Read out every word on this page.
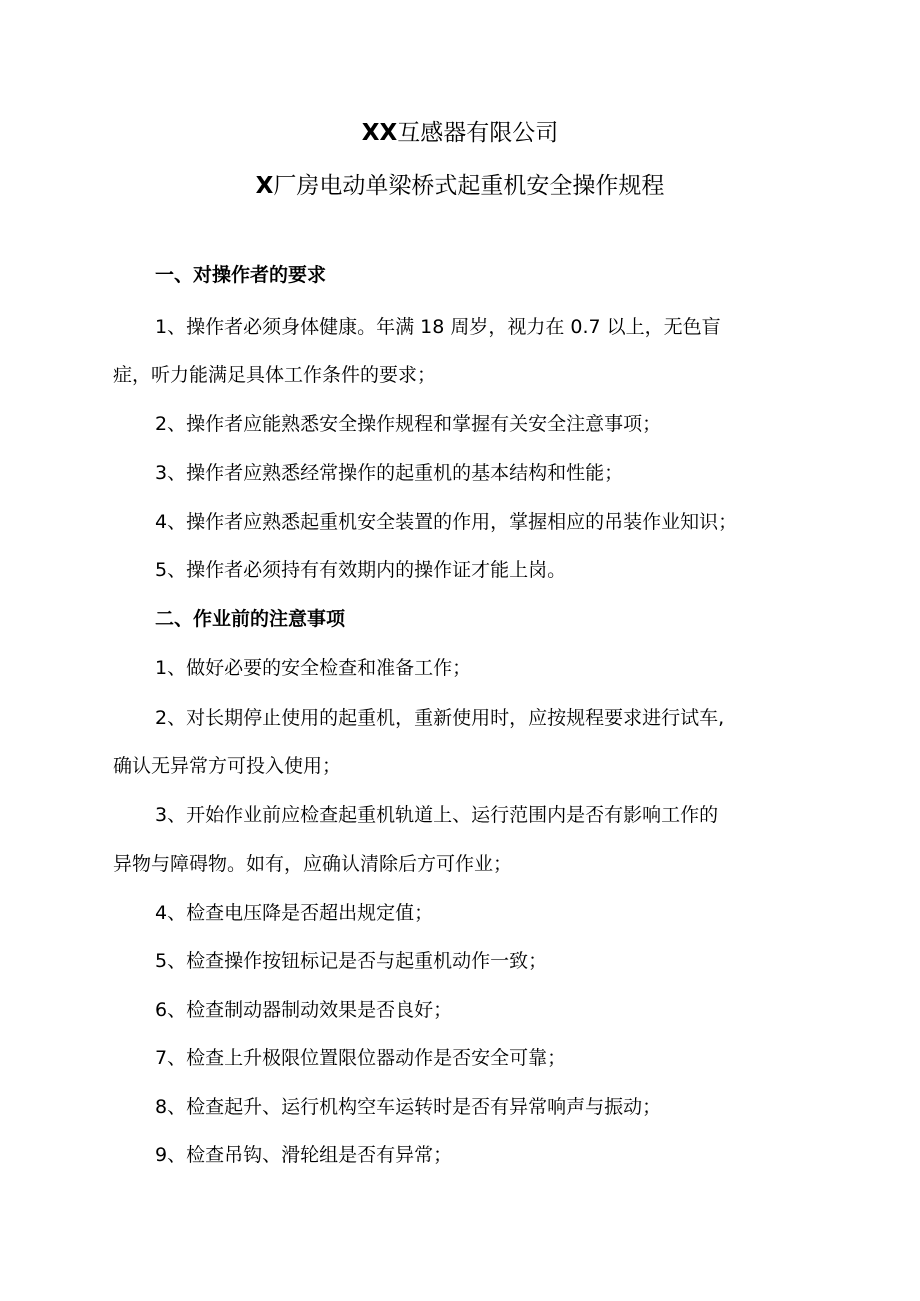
XX互感器有限公司
X厂房电动单梁桥式起重机安全操作规程
一、对操作者的要求
1、操作者必须身体健康。年满 18 周岁，视力在 0.7 以上，无色盲
症，听力能满足具体工作条件的要求；
2、操作者应能熟悉安全操作规程和掌握有关安全注意事项；
3、操作者应熟悉经常操作的起重机的基本结构和性能；
4、操作者应熟悉起重机安全装置的作用，掌握相应的吊装作业知识；
5、操作者必须持有有效期内的操作证才能上岗。
二、作业前的注意事项
1、做好必要的安全检查和准备工作；
2、对长期停止使用的起重机，重新使用时，应按规程要求进行试车,
确认无异常方可投入使用；
3、开始作业前应检查起重机轨道上、运行范围内是否有影响工作的
异物与障碍物。如有，应确认清除后方可作业；
4、检查电压降是否超出规定值；
5、检查操作按钮标记是否与起重机动作一致；
6、检查制动器制动效果是否良好；
7、检查上升极限位置限位器动作是否安全可靠；
8、检查起升、运行机构空车运转时是否有异常响声与振动；
9、检查吊钩、滑轮组是否有异常；
